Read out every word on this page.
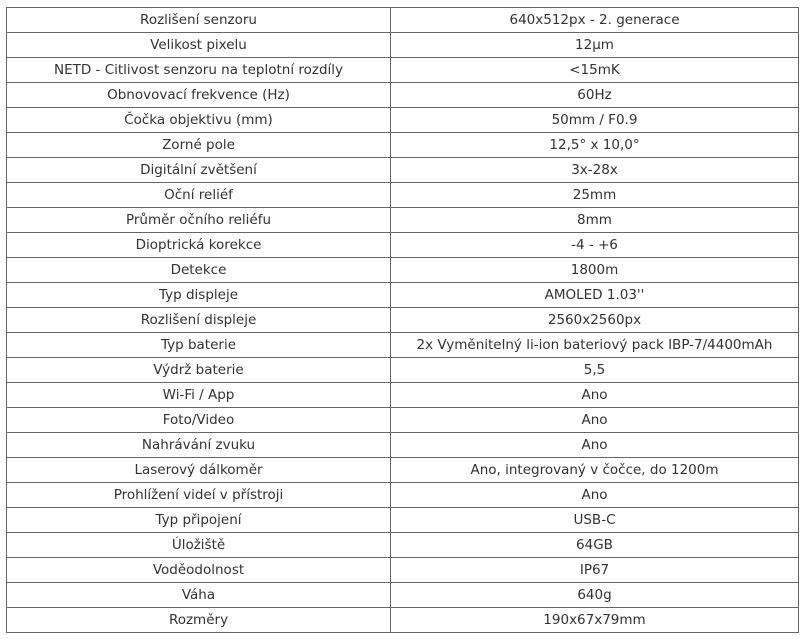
Rozlišení senzoru	640x512px - 2. generace
Velikost pixelu	12µm
NETD - Citlivost senzoru na teplotní rozdíly	<15mK
Obnovovací frekvence (Hz)	60Hz
Čočka objektivu (mm)	50mm / F0.9
Zorné pole	12,5° x 10,0°
Digitální zvětšení	3x-28x
Oční reliéf	25mm
Průměr očního reliéfu	8mm
Dioptrická korekce	-4 - +6
Detekce	1800m
Typ displeje	AMOLED 1.03''
Rozlišení displeje	2560x2560px
Typ baterie	2x Vyměnitelný li-ion bateriový pack IBP-7/4400mAh
Výdrž baterie	5,5
Wi-Fi / App	Ano
Foto/Video	Ano
Nahrávání zvuku	Ano
Laserový dálkoměr	Ano, integrovaný v čočce, do 1200m
Prohlížení videí v přístroji	Ano
Typ připojení	USB-C
Úložiště	64GB
Voděodolnost	IP67
Váha	640g
Rozměry	190x67x79mm
